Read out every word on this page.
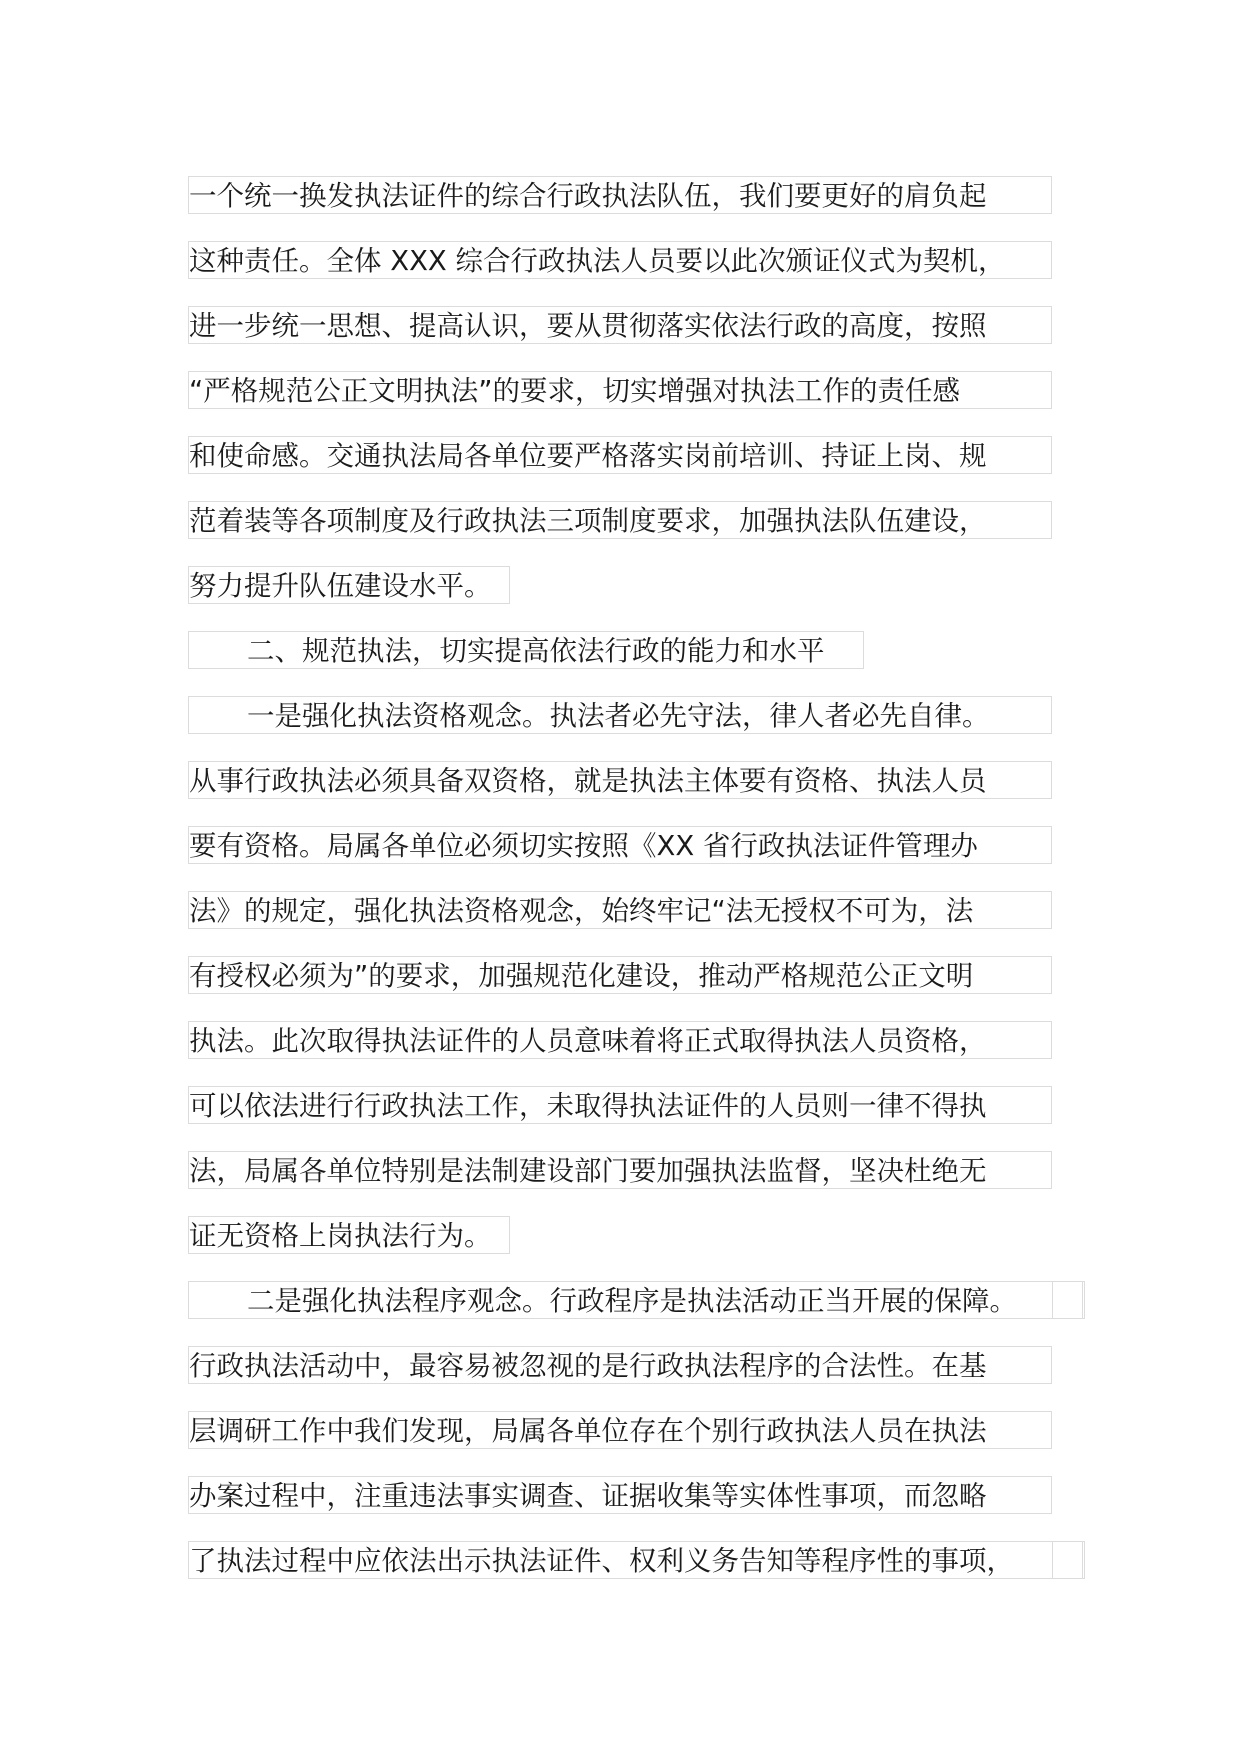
一个统一换发执法证件的综合行政执法队伍，我们要更好的肩负起
这种责任。全体 XXX 综合行政执法人员要以此次颁证仪式为契机，
进一步统一思想、提高认识，要从贯彻落实依法行政的高度，按照
“严格规范公正文明执法”的要求，切实增强对执法工作的责任感
和使命感。交通执法局各单位要严格落实岗前培训、持证上岗、规
范着装等各项制度及行政执法三项制度要求，加强执法队伍建设，
努力提升队伍建设水平。
二、规范执法，切实提高依法行政的能力和水平
一是强化执法资格观念。执法者必先守法，律人者必先自律。
从事行政执法必须具备双资格，就是执法主体要有资格、执法人员
要有资格。局属各单位必须切实按照《XX 省行政执法证件管理办
法》的规定，强化执法资格观念，始终牢记“法无授权不可为，法
有授权必须为”的要求，加强规范化建设，推动严格规范公正文明
执法。此次取得执法证件的人员意味着将正式取得执法人员资格，
可以依法进行行政执法工作，未取得执法证件的人员则一律不得执
法，局属各单位特别是法制建设部门要加强执法监督，坚决杜绝无
证无资格上岗执法行为。
二是强化执法程序观念。行政程序是执法活动正当开展的保障。
行政执法活动中，最容易被忽视的是行政执法程序的合法性。在基
层调研工作中我们发现，局属各单位存在个别行政执法人员在执法
办案过程中，注重违法事实调查、证据收集等实体性事项，而忽略
了执法过程中应依法出示执法证件、权利义务告知等程序性的事项，
